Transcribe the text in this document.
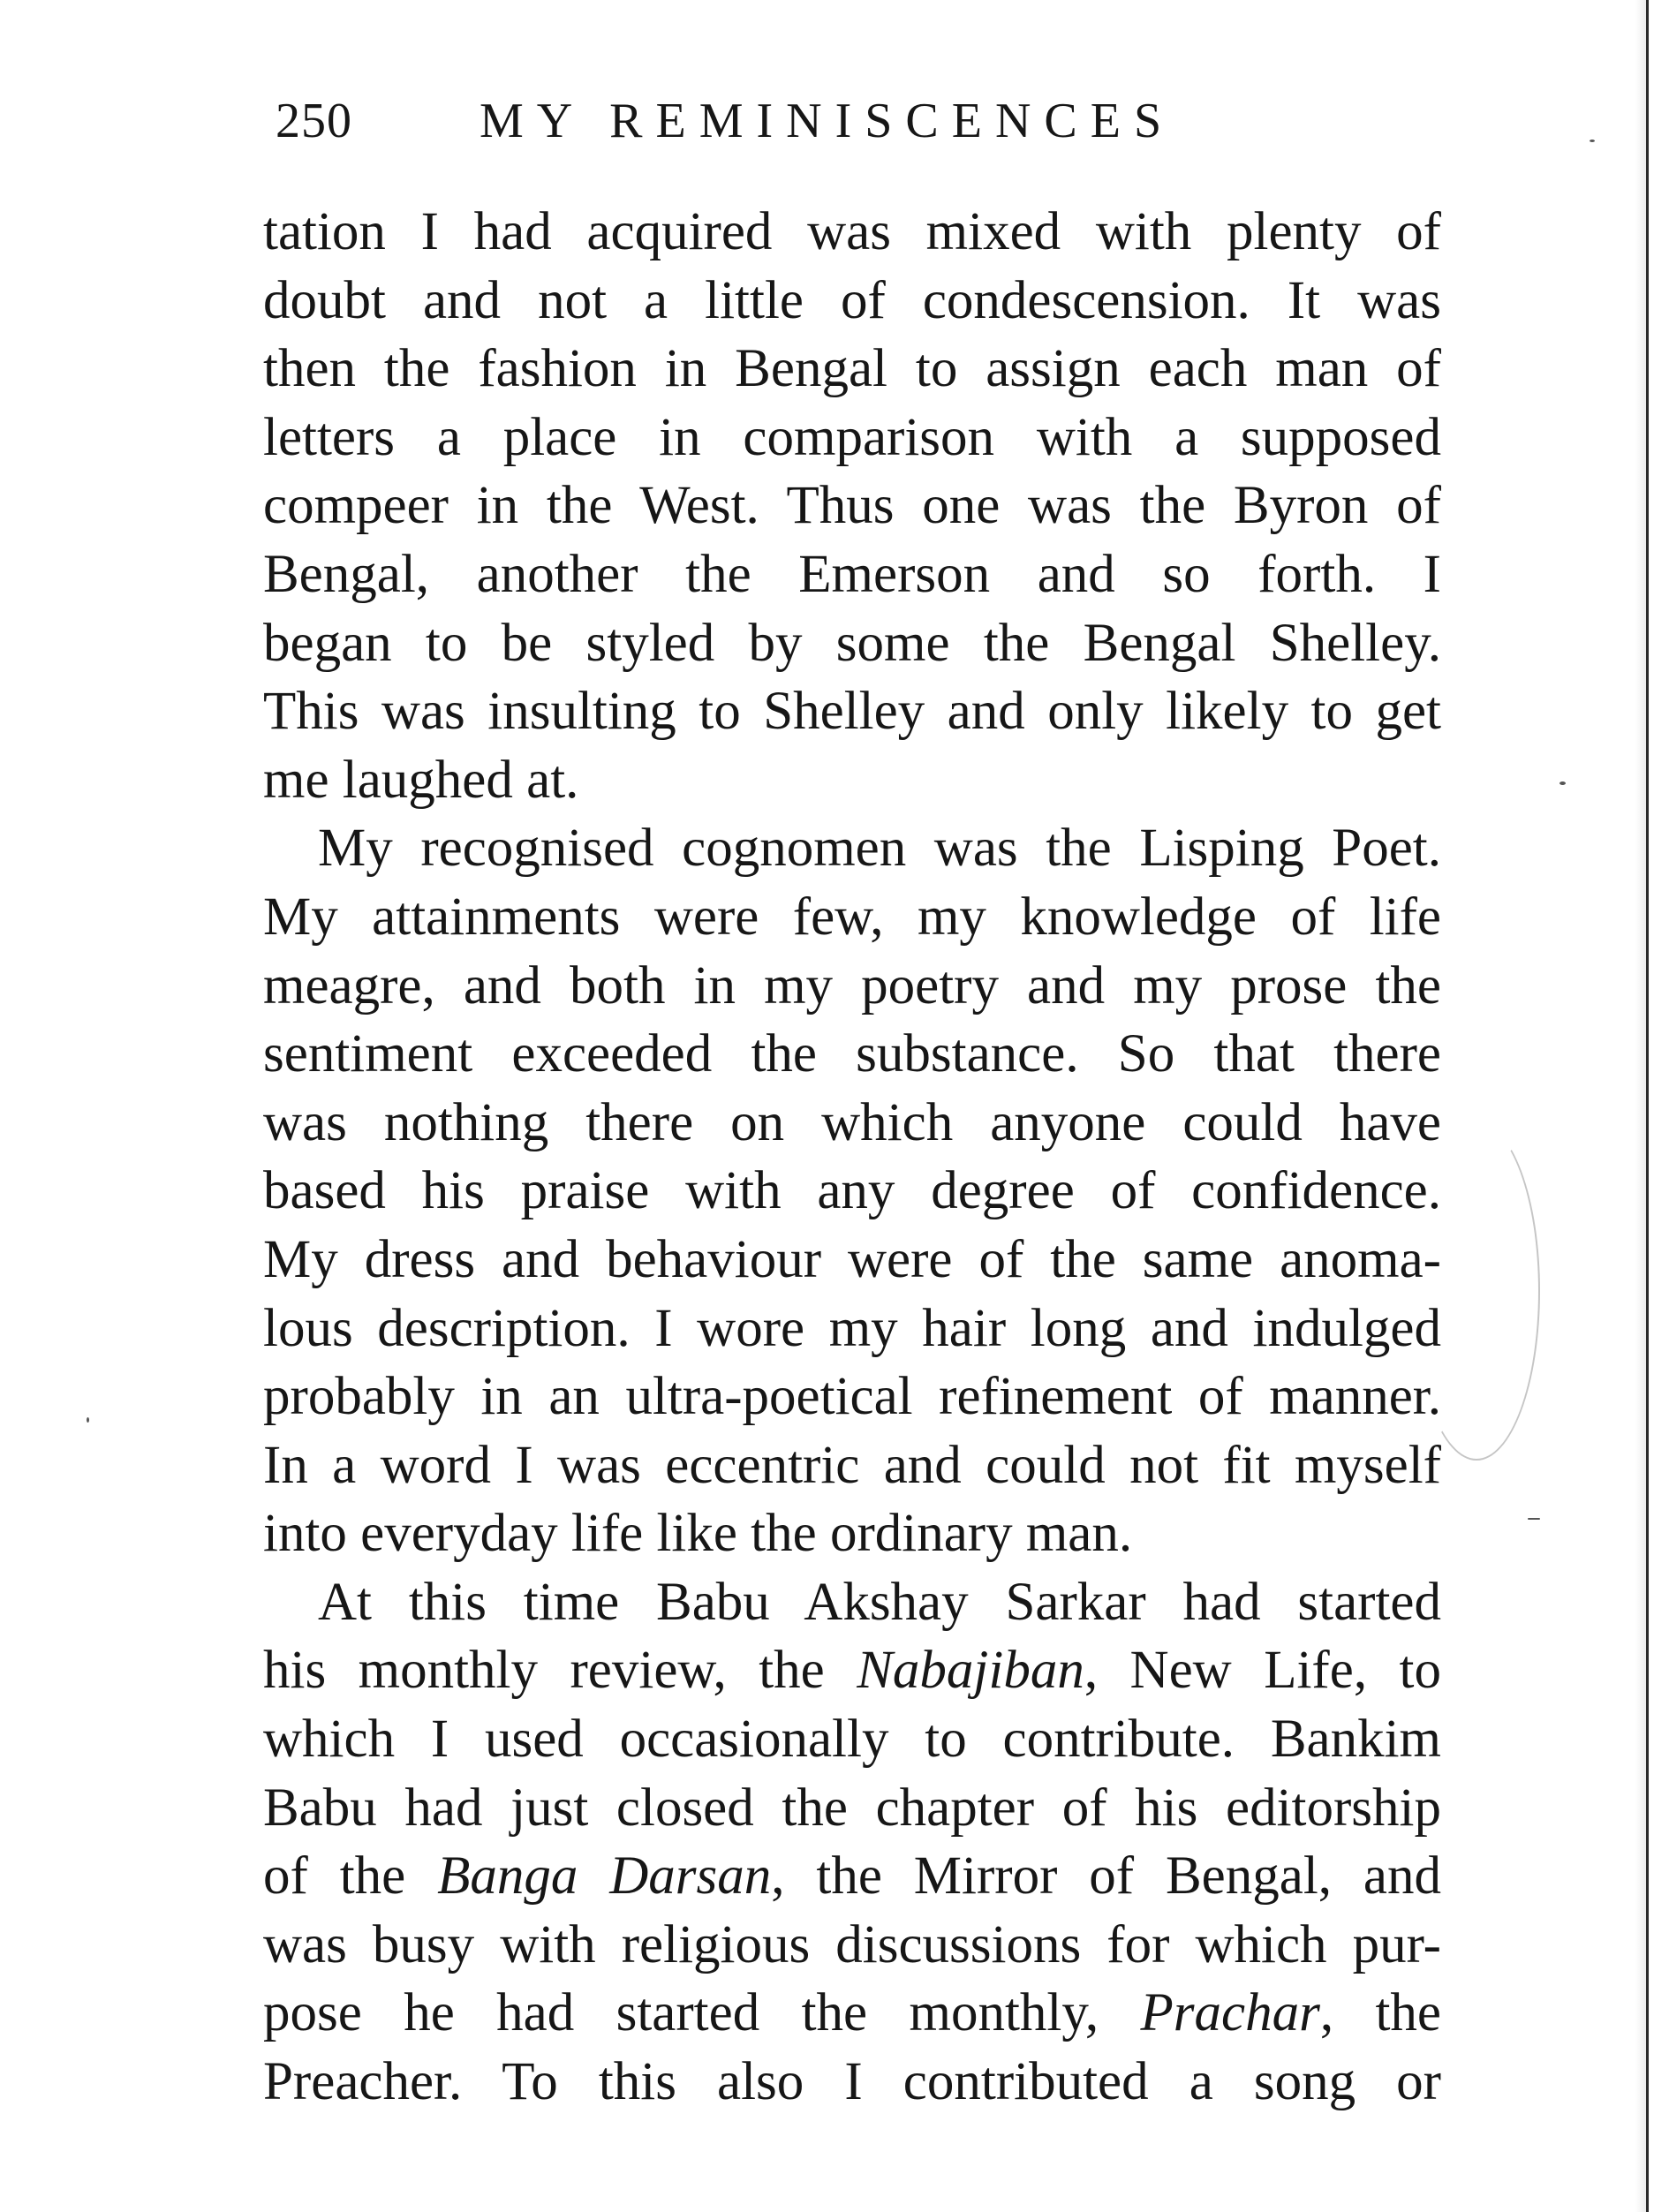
250	MY REMINISCENCES
tation I had acquired was mixed with plenty of
doubt and not a little of condescension. It was
then the fashion in Bengal to assign each man of
letters a place in comparison with a supposed
compeer in the West. Thus one was the Byron of
Bengal, another the Emerson and so forth. I
began to be styled by some the Bengal Shelley.
This was insulting to Shelley and only likely to get
me laughed at.
My recognised cognomen was the Lisping Poet.
My attainments were few, my knowledge of life
meagre, and both in my poetry and my prose the
sentiment exceeded the substance. So that there
was nothing there on which anyone could have
based his praise with any degree of confidence.
My dress and behaviour were of the same anoma-
lous description. I wore my hair long and indulged
probably in an ultra-poetical refinement of manner.
In a word I was eccentric and could not fit myself
into everyday life like the ordinary man.
At this time Babu Akshay Sarkar had started
his monthly review, the Nabajiban, New Life, to
which I used occasionally to contribute. Bankim
Babu had just closed the chapter of his editorship
of the Banga Darsan, the Mirror of Bengal, and
was busy with religious discussions for which pur-
pose he had started the monthly, Prachar, the
Preacher. To this also I contributed a song or
